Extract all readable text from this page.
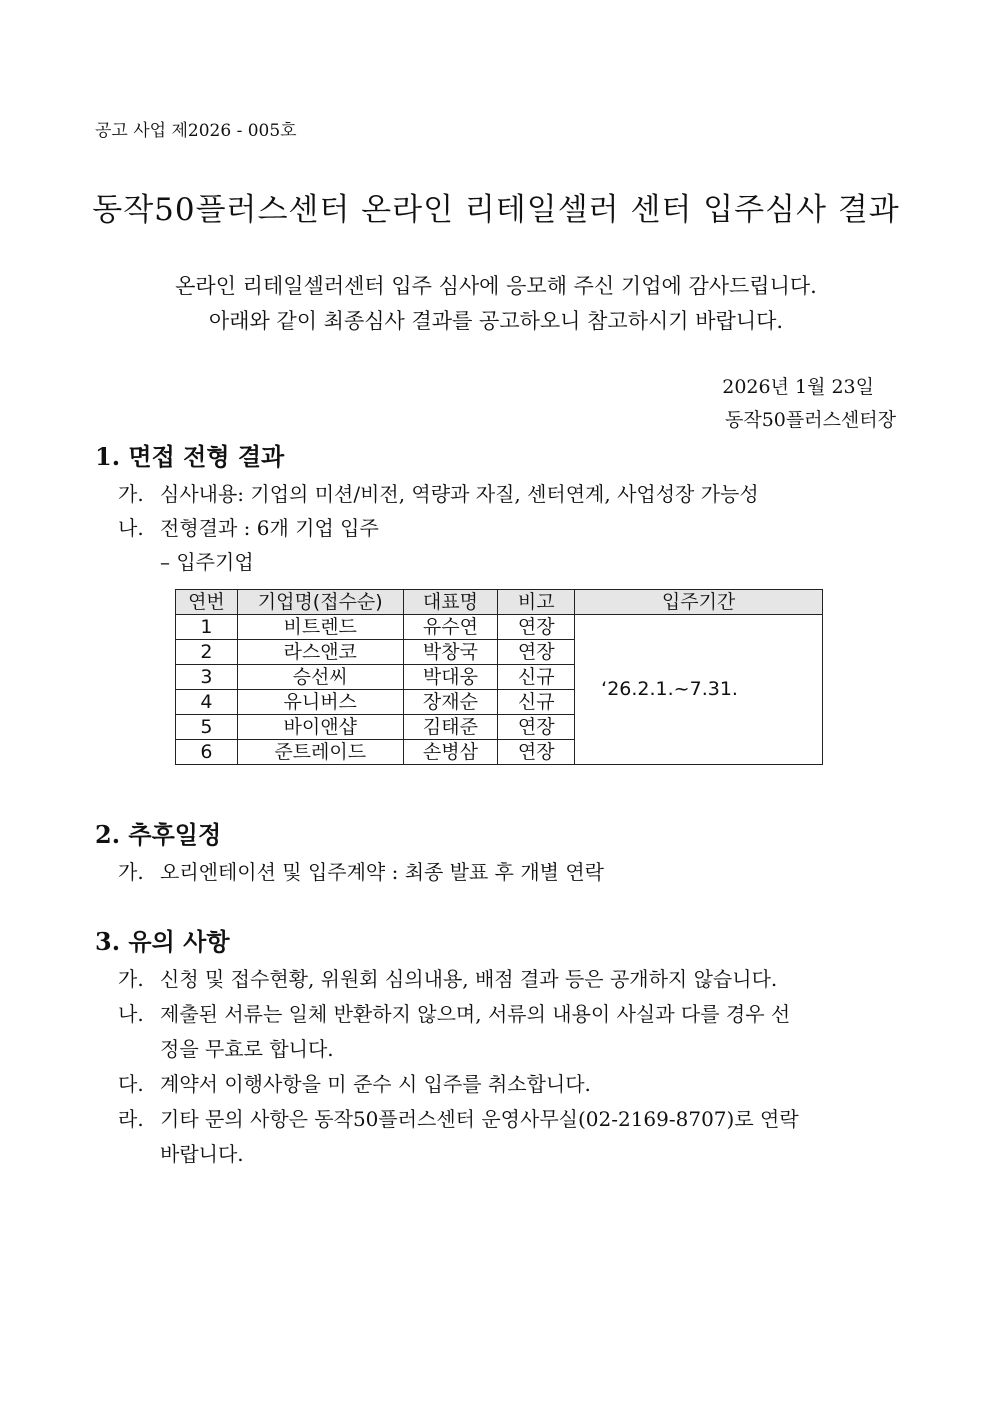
공고 사업 제2026 - 005호
동작50플러스센터 온라인 리테일셀러 센터 입주심사 결과
온라인 리테일셀러센터 입주 심사에 응모해 주신 기업에 감사드립니다.
아래와 같이 최종심사 결과를 공고하오니 참고하시기 바랍니다.
2026년 1월 23일
동작50플러스센터장
1. 면접 전형 결과
가. 심사내용: 기업의 미션/비전, 역량과 자질, 센터연계, 사업성장 가능성
나. 전형결과 : 6개 기업 입주
– 입주기업
연번	기업명(접수순)	대표명	비고	입주기간
1	비트렌드	유수연	연장	‘26.2.1.~7.31.
2	라스앤코	박창국	연장	
3	승선씨	박대웅	신규	
4	유니버스	장재순	신규	
5	바이앤샵	김태준	연장	
6	준트레이드	손병삼	연장	
2. 추후일정
가. 오리엔테이션 및 입주계약 : 최종 발표 후 개별 연락
3. 유의 사항
가. 신청 및 접수현황, 위원회 심의내용, 배점 결과 등은 공개하지 않습니다.
나. 제출된 서류는 일체 반환하지 않으며, 서류의 내용이 사실과 다를 경우 선
정을 무효로 합니다.
다. 계약서 이행사항을 미 준수 시 입주를 취소합니다.
라. 기타 문의 사항은 동작50플러스센터 운영사무실(02-2169-8707)로 연락
바랍니다.
